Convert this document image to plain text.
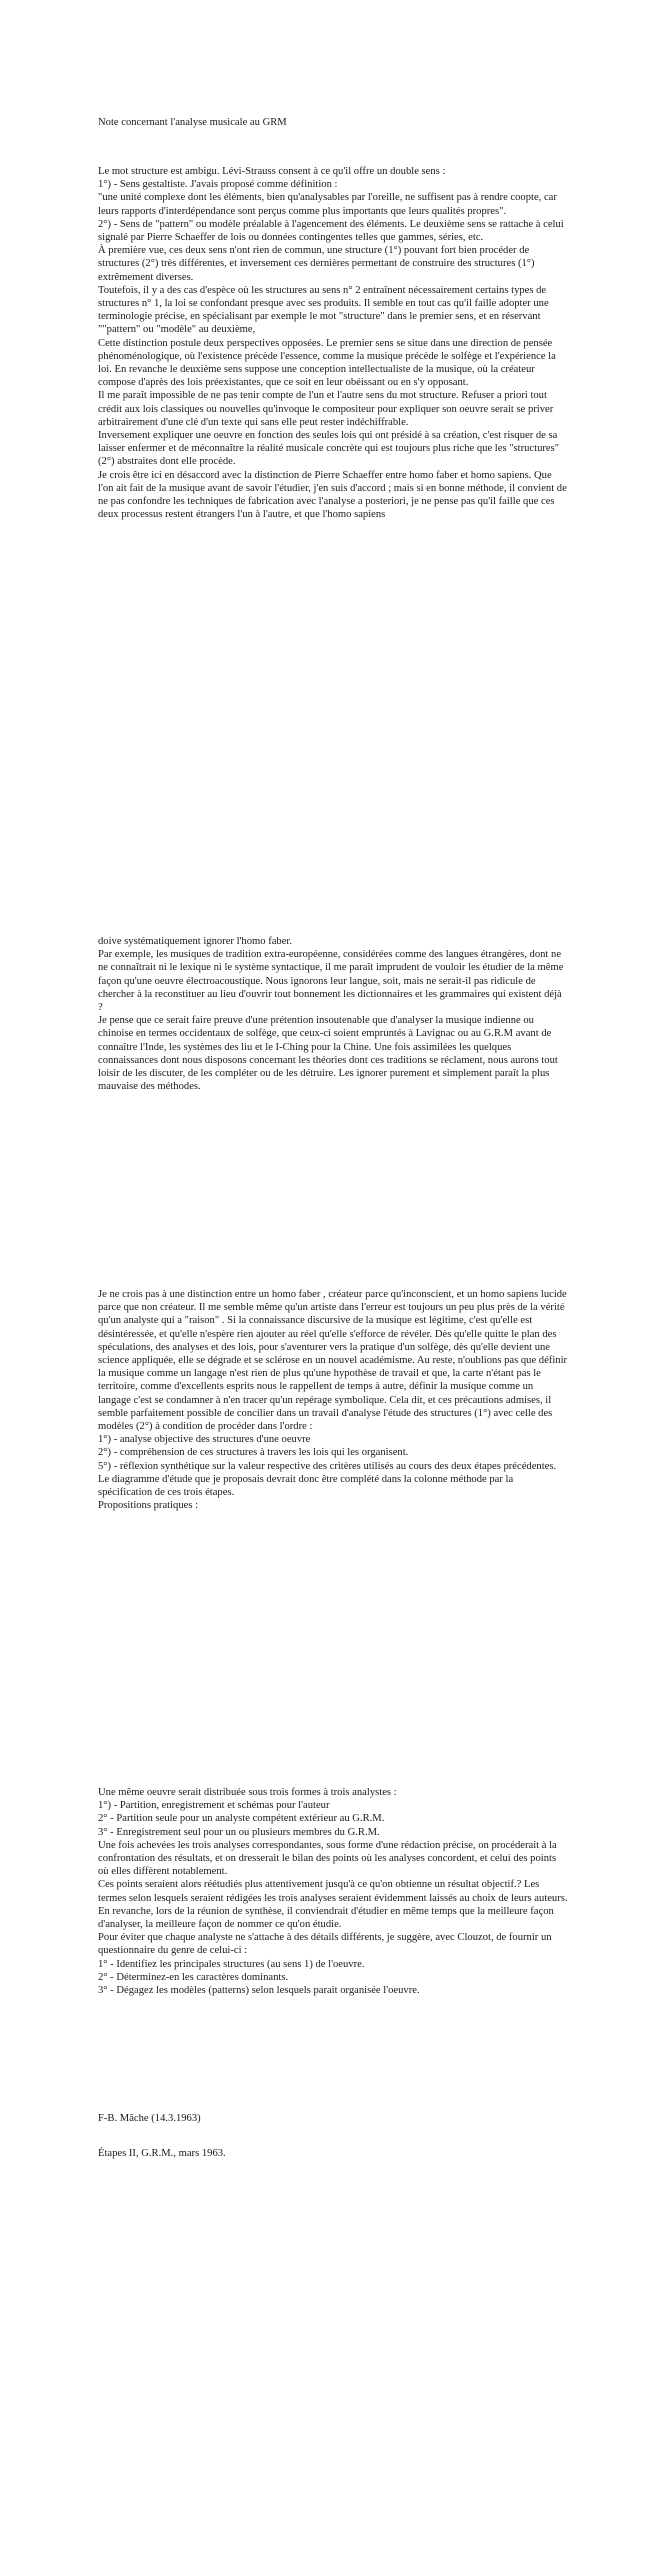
Note concernant l'analyse musicale au GRM

Le mot structure est ambigu. Lévi-Strauss consent à ce qu'il offre un double sens :
1°) - Sens gestaltiste. J'avais proposé comme définition :
"une unité complexe dont les éléments, bien qu'analysables par l'oreille, ne suffisent pas à rendre coopte, car leurs rapports d'interdépendance sont perçus comme plus importants que leurs qualités propres".
2°) - Sens de "pattern" ou modèle préalable à l'agencement des éléments. Le deuxième sens se rattache à celui signalé par Pierre Schaeffer de lois ou données contingentes telles que gammes, séries, etc.
À première vue, ces deux sens n'ont rien de commun, une structure (1°) pouvant fort bien procéder de structures (2°) très différentes, et inversement ces dernières permettant de construire des structures (1°) extrêmement diverses.
Toutefois, il y a des cas d'espèce où les structures au sens n° 2 entraînent nécessairement certains types de structures n° 1, la loi se confondant presque avec ses produits. Il semble en tout cas qu'il faille adopter une terminologie précise, en spécialisant par exemple le mot "structure" dans le premier sens, et en réservant ""pattern" ou "modèle" au deuxième,
Cette distinction postule deux perspectives opposées. Le premier sens se situe dans une direction de pensée phénoménologique, où l'existence précède l'essence, comme la musique précède le solfège et l'expérience la loi. En revanche le deuxième sens suppose une conception intellectualiste de la musique, où la créateur compose d'après des lois préexistantes, que ce soit en leur obéissant ou en s'y opposant.
Il me paraît impossible de ne pas tenir compte de l'un et l'autre sens du mot structure. Refuser a priori tout crédit aux lois classiques ou nouvelles qu'invoque le compositeur pour expliquer son oeuvre serait se priver arbitrairement d'une clé d'un texte qui sans elle peut rester indéchiffrable.
Inversement expliquer une oeuvre en fonction des seules lois qui ont présidé à sa création, c'est risquer de sa laisser enfermer et de méconnaître la réalité musicale concrète qui est toujours plus riche que les "structures" (2°) abstraites dont elle procède.
Je crois être ici en désaccord avec la distinction de Pierre Schaeffer entre homo faber et homo sapiens. Que l'on ait fait de la musique avant de savoir l'étudier, j'en suis d'accord ; mais si en bonne méthode, il convient de ne pas confondre les techniques de fabrication avec l'analyse a posteriori, je ne pense pas qu'il faille que ces deux processus restent étrangers l'un à l'autre, et que l'homo sapiens
doive systématiquement ignorer l'homo faber.
Par exemple, les musiques de tradition extra-européenne, considérées comme des langues étrangères, dont ne ne connaîtrait ni le lexique ni le système syntactique, il me paraît imprudent de vouloir les étudier de la même façon qu'une oeuvre électroacoustique. Nous ignorons leur langue, soit, mais ne serait-il pas ridicule de chercher à la reconstituer au lieu d'ouvrir tout bonnement les dictionnaires et les grammaires qui existent déjà ?
Je pense que ce serait faire preuve d'une prétention insoutenable que d'analyser la musique indienne ou chinoise en termes occidentaux de solfège, que ceux-ci soient empruntés à Lavignac ou au G.R.M avant de connaître l'Inde, les systèmes des liu et le I-Ching pour la Chine. Une fois assimilées les quelques connaissances dont nous disposons concernant les théories dont ces traditions se réclament, nous aurons tout loisir de les discuter, de les compléter ou de les détruire. Les ignorer purement et simplement paraît la plus mauvaise des méthodes.
Je ne crois pas à une distinction entre un homo faber , créateur parce qu'inconscient, et un homo sapiens lucide parce que non créateur. Il me semble même qu'un artiste dans l'erreur est toujours un peu plus près de la vérité qu'un analyste qui a "raison" . Si la connaissance discursive de la musique est légitime, c'est qu'elle est désintéressée, et qu'elle n'espère rien ajouter au réel qu'elle s'efforce de révéler. Dès qu'elle quitte le plan des spéculations, des analyses et des lois, pour s'aventurer vers la pratique d'un solfège, dès qu'elle devient une science appliquée, elle se dégrade et se sclérose en un nouvel académisme. Au reste, n'oublions pas que définir la musique comme un langage n'est rien de plus qu'une hypothèse de travail et que, la carte n'étant pas le territoire, comme d'excellents esprits nous le rappellent de temps à autre, définir la musique comme un langage c'est se condamner à n'en tracer qu'un repérage symbolique. Cela dit, et ces précautions admises, il semble parfaitement possible de concilier dans un travail d'analyse l'étude des structures (1°) avec celle des modèles (2°) à condition de procéder dans l'ordre :
1°) - analyse objective des structures d'une oeuvre
2°) - compréhension de ces structures à travers les lois qui les organisent.
5°) - réflexion synthétique sur la valeur respective des critères utilisés au cours des deux étapes précédentes. Le diagramme d'étude que je proposais devrait donc être complété dans la colonne méthode par la spécification de ces trois étapes.
Propositions pratiques :
Une même oeuvre serait distribuée sous trois formes à trois analystes :
1°) - Partition, enregistrement et schémas pour l'auteur
2° - Partition seule pour un analyste compétent extérieur au G.R.M.
3° - Enregistrement seul pour un ou plusieurs membres du G.R.M.
Une fois achevées les trois analyses correspondantes, sous forme d'une rédaction précise, on procéderait à la confrontation des résultats, et on dresserait le bilan des points où les analyses concordent, et celui des points où elles diffèrent notablement.
Ces points seraient alors réétudiés plus attentivement jusqu'à ce qu'on obtienne un résultat objectif.? Les termes selon lesquels seraient rédigées les trois analyses seraient évidemment laissés au choix de leurs auteurs. En revanche, lors de la réunion de synthèse, il conviendrait d'étudier en même temps que la meilleure façon d'analyser, la meilleure façon de nommer ce qu'on étudie.
Pour éviter que chaque analyste ne s'attache à des détails différents, je suggère, avec Clouzot, de fournir un questionnaire du genre de celui-ci :
1° - Identifiez les principales structures (au sens 1) de l'oeuvre.
2° - Déterminez-en les caractères dominants.
3° - Dégagez les modèles (patterns) selon lesquels parait organisée l'oeuvre.

F-B. Mâche (14.3.1963)

Étapes II, G.R.M., mars 1963.
